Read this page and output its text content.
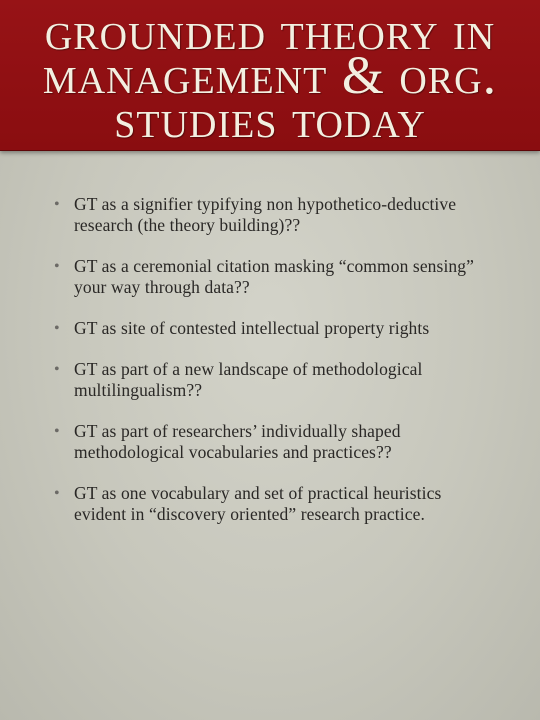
grounded theory in
management & org.
studies today
• GT as a signifier typifying non hypothetico-deductive research (the theory building)??
• GT as a ceremonial citation masking “common sensing” your way through data??
• GT as site of contested intellectual property rights
• GT as part of a new landscape of methodological multilingualism??
• GT as part of researchers’ individually shaped methodological vocabularies and practices??
• GT as one vocabulary and set of practical heuristics evident in “discovery oriented” research practice.
